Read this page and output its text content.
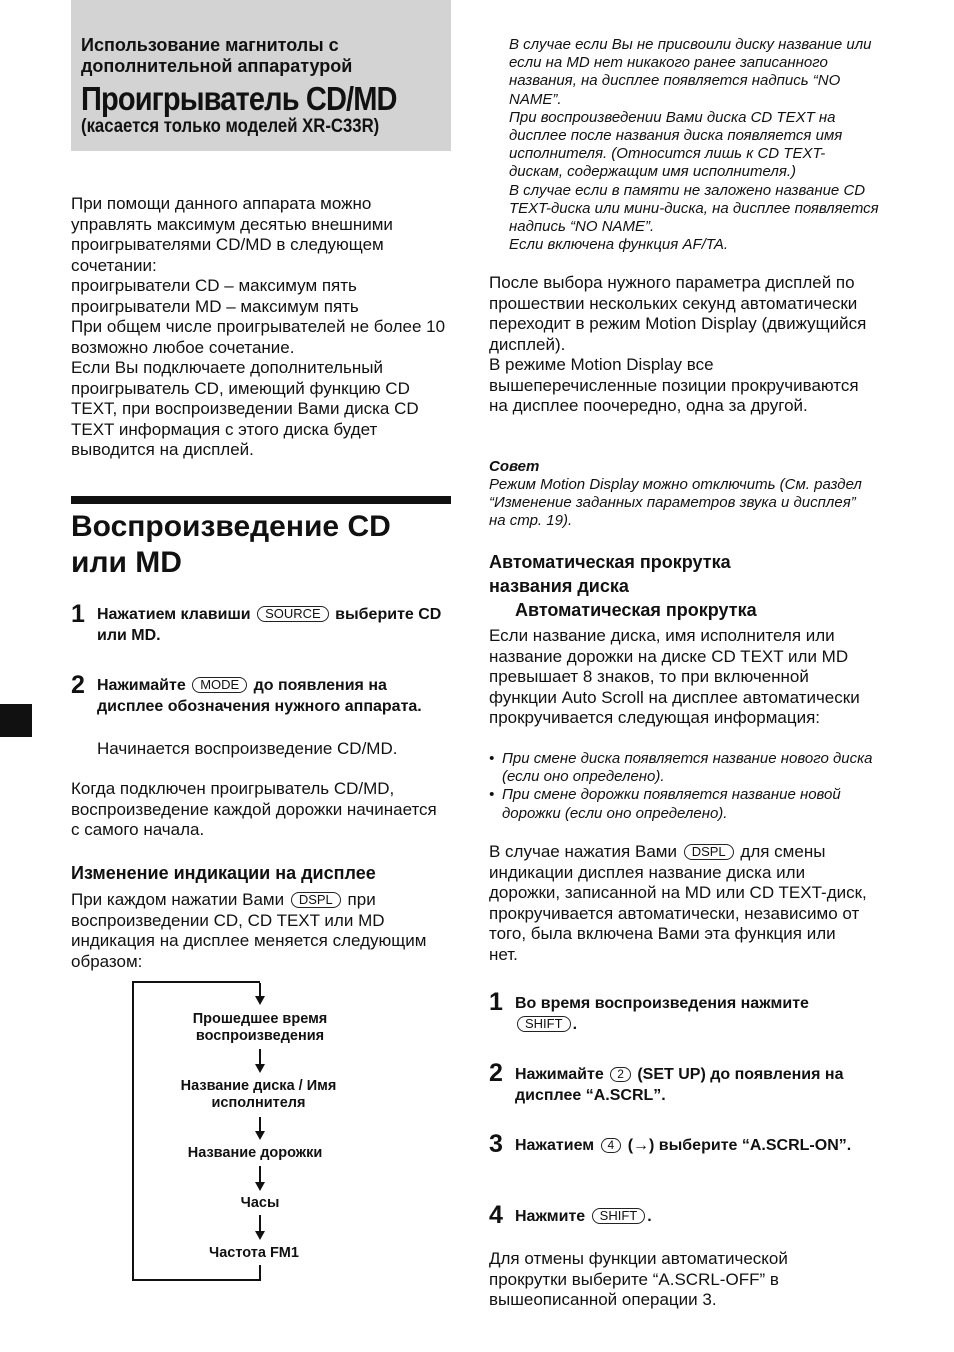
Использование магнитолы с дополнительной аппаратурой
Проигрыватель CD/MD
(касается только моделей XR-C33R)
При помощи данного аппарата можно управлять максимум десятью внешними проигрывателями CD/MD в следующем сочетании:
проигрыватели CD – максимум пять
проигрыватели MD – максимум пять
При общем числе проигрывателей не более 10 возможно любое сочетание.
Если Вы подключаете дополнительный проигрыватель CD, имеющий функцию CD TEXT, при воспроизведении Вами диска CD TEXT информация с этого диска будет выводится на дисплей.
Воспроизведение CD или MD
1 Нажатием клавиши SOURCE выберите CD или MD.
2 Нажимайте MODE до появления на дисплее обозначения нужного аппарата.
Начинается воспроизведение CD/MD.
Когда подключен проигрыватель CD/MD, воспроизведение каждой дорожки начинается с самого начала.
Изменение индикации на дисплее
При каждом нажатии Вами DSPL при воспроизведении CD, CD TEXT или MD индикация на дисплее меняется следующим образом:
Прошедшее время воспроизведения
Название диска / Имя исполнителя
Название дорожки
Часы
Частота FM1
В случае если Вы не присвоили диску название или если на MD нет никакого ранее записанного названия, на дисплее появляется надпись “NO NAME”.
При воспроизведении Вами диска CD TEXT на дисплее после названия диска появляется имя исполнителя. (Относится лишь к CD TEXT-дискам, содержащим имя исполнителя.)
В случае если в памяти не заложено название CD TEXT-диска или мини-диска, на дисплее появляется надпись “NO NAME”.
Если включена функция AF/TA.
После выбора нужного параметра дисплей по прошествии нескольких секунд автоматически переходит в режим Motion Display (движущийся дисплей).
В режиме Motion Display все вышеперечисленные позиции прокручиваются на дисплее поочередно, одна за другой.
Совет
Режим Motion Display можно отключить (См. раздел “Изменение заданных параметров звука и дисплея” на стр. 19).
Автоматическая прокрутка названия диска
Автоматическая прокрутка
Если название диска, имя исполнителя или название дорожки на диске CD TEXT или MD превышает 8 знаков, то при включенной функции Auto Scroll на дисплее автоматически прокручивается следующая информация:
• При смене диска появляется название нового диска (если оно определено).
• При смене дорожки появляется название новой дорожки (если оно определено).
В случае нажатия Вами DSPL для смены индикации дисплея название диска или дорожки, записанной на MD или CD TEXT-диск, прокручивается автоматически, независимо от того, была включена Вами эта функция или нет.
1 Во время воспроизведения нажмите SHIFT .
2 Нажимайте 2 (SET UP) до появления на дисплее “A.SCRL”.
3 Нажатием 4 (→) выберите “A.SCRL-ON”.
4 Нажмите SHIFT .
Для отмены функции автоматической прокрутки выберите “A.SCRL-OFF” в вышеописанной операции 3.
